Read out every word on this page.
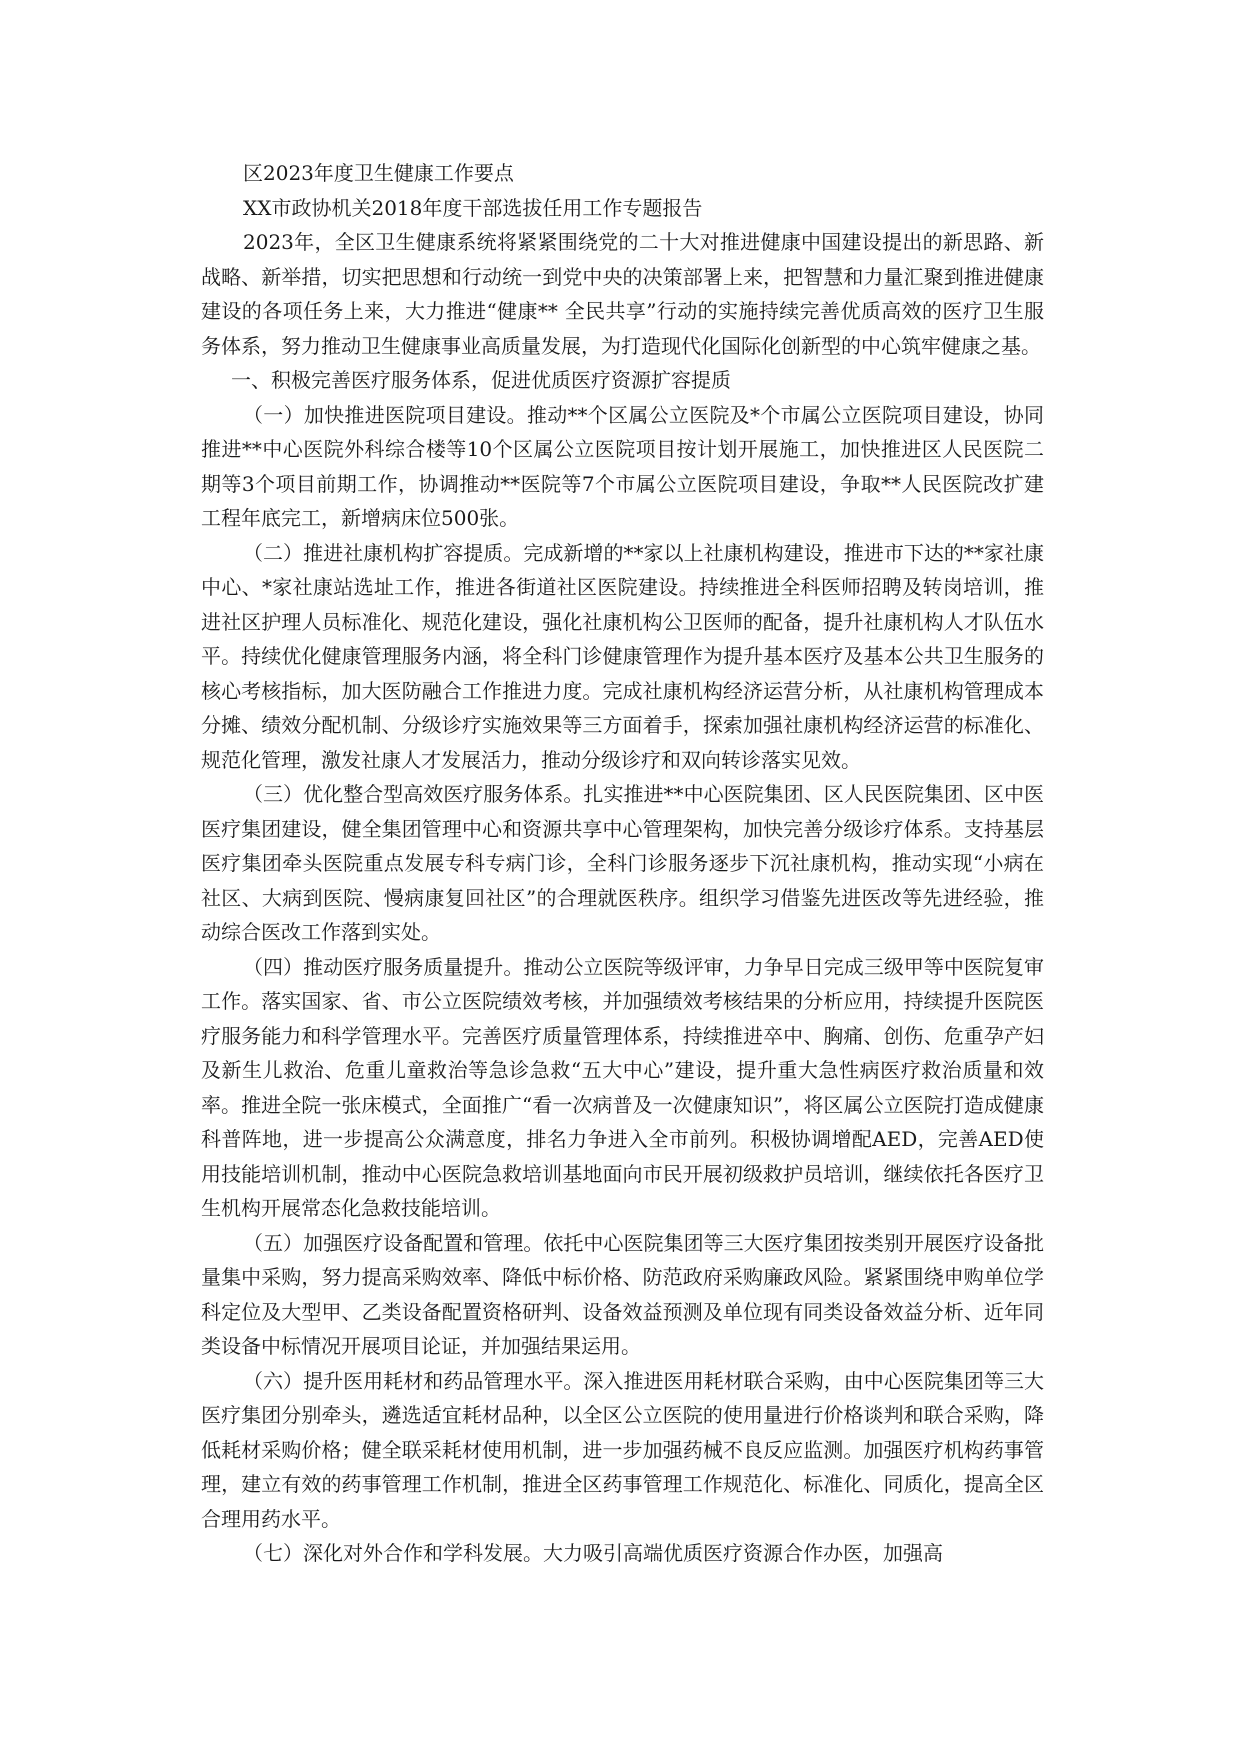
区2023年度卫生健康工作要点

XX市政协机关2018年度干部选拔任用工作专题报告

2023年，全区卫生健康系统将紧紧围绕党的二十大对推进健康中国建设提出的新思路、新战略、新举措，切实把思想和行动统一到党中央的决策部署上来，把智慧和力量汇聚到推进健康建设的各项任务上来，大力推进“健康** 全民共享”行动的实施持续完善优质高效的医疗卫生服务体系，努力推动卫生健康事业高质量发展，为打造现代化国际化创新型的中心筑牢健康之基。

一、积极完善医疗服务体系，促进优质医疗资源扩容提质

（一）加快推进医院项目建设。推动**个区属公立医院及*个市属公立医院项目建设，协同推进**中心医院外科综合楼等10个区属公立医院项目按计划开展施工，加快推进区人民医院二期等3个项目前期工作，协调推动**医院等7个市属公立医院项目建设，争取**人民医院改扩建工程年底完工，新增病床位500张。

（二）推进社康机构扩容提质。完成新增的**家以上社康机构建设，推进市下达的**家社康中心、*家社康站选址工作，推进各街道社区医院建设。持续推进全科医师招聘及转岗培训，推进社区护理人员标准化、规范化建设，强化社康机构公卫医师的配备，提升社康机构人才队伍水平。持续优化健康管理服务内涵，将全科门诊健康管理作为提升基本医疗及基本公共卫生服务的核心考核指标，加大医防融合工作推进力度。完成社康机构经济运营分析，从社康机构管理成本分摊、绩效分配机制、分级诊疗实施效果等三方面着手，探索加强社康机构经济运营的标准化、规范化管理，激发社康人才发展活力，推动分级诊疗和双向转诊落实见效。

（三）优化整合型高效医疗服务体系。扎实推进**中心医院集团、区人民医院集团、区中医医疗集团建设，健全集团管理中心和资源共享中心管理架构，加快完善分级诊疗体系。支持基层医疗集团牵头医院重点发展专科专病门诊，全科门诊服务逐步下沉社康机构，推动实现“小病在社区、大病到医院、慢病康复回社区”的合理就医秩序。组织学习借鉴先进医改等先进经验，推动综合医改工作落到实处。

（四）推动医疗服务质量提升。推动公立医院等级评审，力争早日完成三级甲等中医院复审工作。落实国家、省、市公立医院绩效考核，并加强绩效考核结果的分析应用，持续提升医院医疗服务能力和科学管理水平。完善医疗质量管理体系，持续推进卒中、胸痛、创伤、危重孕产妇及新生儿救治、危重儿童救治等急诊急救“五大中心”建设，提升重大急性病医疗救治质量和效率。推进全院一张床模式，全面推广“看一次病普及一次健康知识”，将区属公立医院打造成健康科普阵地，进一步提高公众满意度，排名力争进入全市前列。积极协调增配AED，完善AED使用技能培训机制，推动中心医院急救培训基地面向市民开展初级救护员培训，继续依托各医疗卫生机构开展常态化急救技能培训。

（五）加强医疗设备配置和管理。依托中心医院集团等三大医疗集团按类别开展医疗设备批量集中采购，努力提高采购效率、降低中标价格、防范政府采购廉政风险。紧紧围绕申购单位学科定位及大型甲、乙类设备配置资格研判、设备效益预测及单位现有同类设备效益分析、近年同类设备中标情况开展项目论证，并加强结果运用。

（六）提升医用耗材和药品管理水平。深入推进医用耗材联合采购，由中心医院集团等三大医疗集团分别牵头，遴选适宜耗材品种，以全区公立医院的使用量进行价格谈判和联合采购，降低耗材采购价格；健全联采耗材使用机制，进一步加强药械不良反应监测。加强医疗机构药事管理，建立有效的药事管理工作机制，推进全区药事管理工作规范化、标准化、同质化，提高全区合理用药水平。

（七）深化对外合作和学科发展。大力吸引高端优质医疗资源合作办医，加强高
